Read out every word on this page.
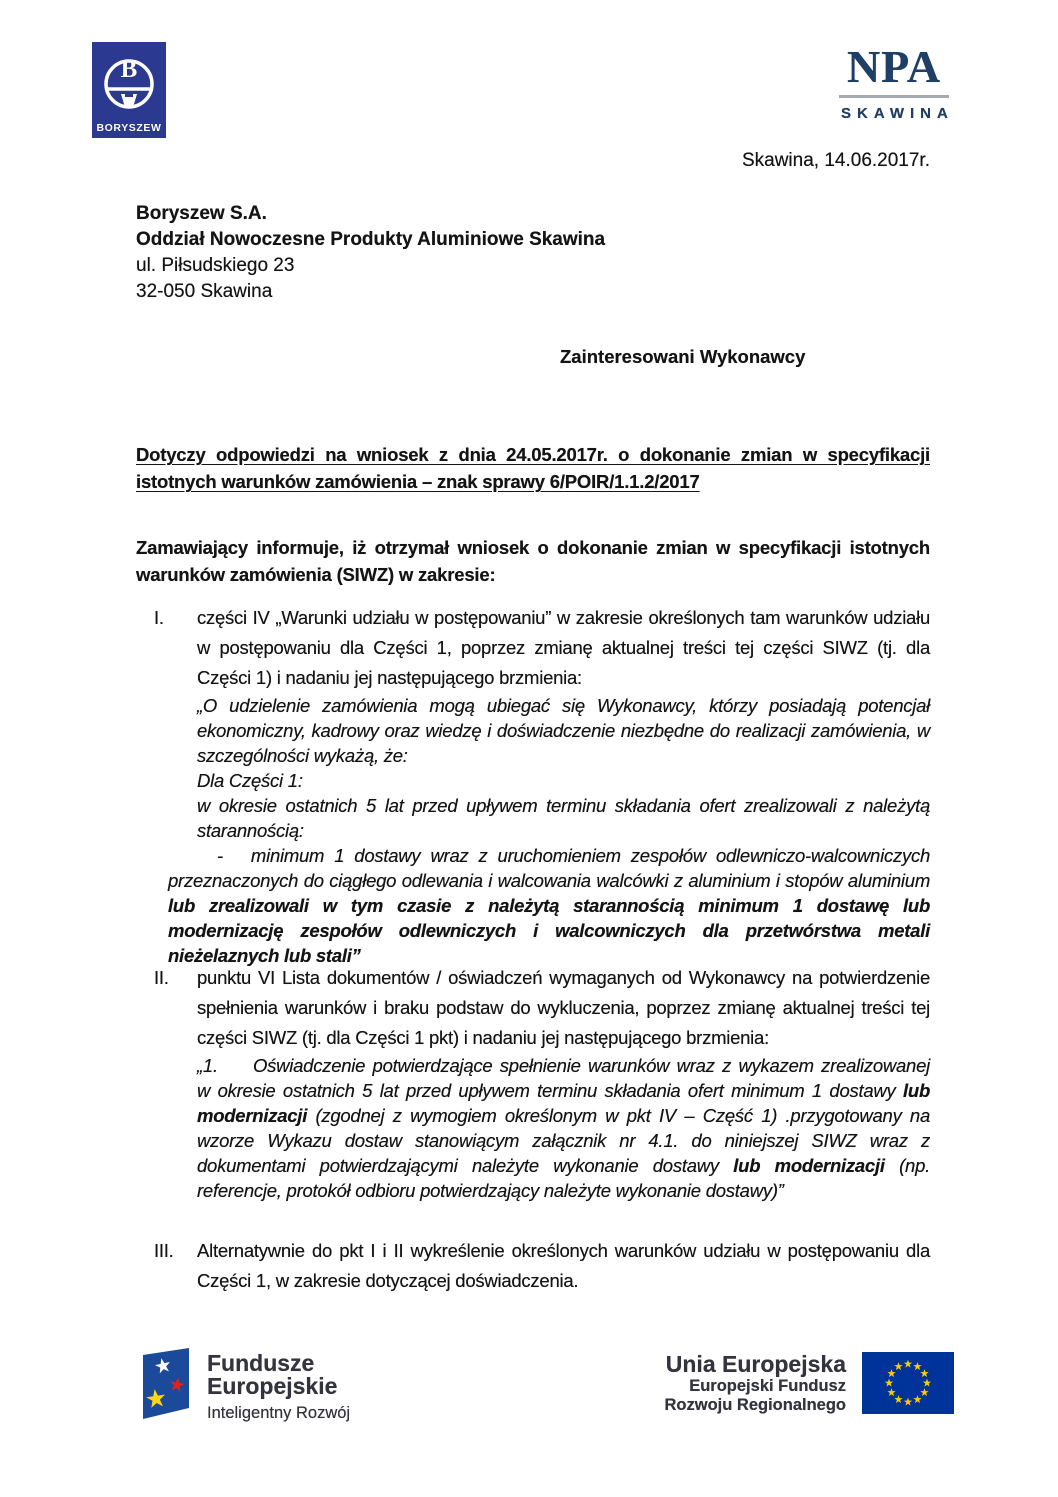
B
BORYSZEW
NPA
SKAWINA
Skawina, 14.06.2017r.
Boryszew S.A.
Oddział Nowoczesne Produkty Aluminiowe Skawina
ul. Piłsudskiego 23
32-050 Skawina
Zainteresowani Wykonawcy
Dotyczy odpowiedzi na wniosek z dnia 24.05.2017r. o dokonanie zmian w specyfikacji istotnych warunków zamówienia – znak sprawy 6/POIR/1.1.2/2017
Zamawiający informuje, iż otrzymał wniosek o dokonanie zmian w specyfikacji istotnych warunków zamówienia (SIWZ) w zakresie:
I. części IV „Warunki udziału w postępowaniu” w zakresie określonych tam warunków udziału w postępowaniu dla Części 1, poprzez zmianę aktualnej treści tej części SIWZ (tj. dla Części 1) i nadaniu jej następującego brzmienia:

„O udzielenie zamówienia mogą ubiegać się Wykonawcy, którzy posiadają potencjał ekonomiczny, kadrowy oraz wiedzę i doświadczenie niezbędne do realizacji zamówienia, w szczególności wykażą, że:

Dla Części 1:

w okresie ostatnich 5 lat przed upływem terminu składania ofert zrealizowali z należytą starannością:

- minimum 1 dostawy wraz z uruchomieniem zespołów odlewniczo-walcowniczych przeznaczonych do ciągłego odlewania i walcowania walcówki z aluminium i stopów aluminium lub zrealizowali w tym czasie z należytą starannością minimum 1 dostawę lub modernizację zespołów odlewniczych i walcowniczych dla przetwórstwa metali nieżelaznych lub stali”

II. punktu VI Lista dokumentów / oświadczeń wymaganych od Wykonawcy na potwierdzenie spełnienia warunków i braku podstaw do wykluczenia, poprzez zmianę aktualnej treści tej części SIWZ (tj. dla Części 1 pkt) i nadaniu jej następującego brzmienia:

„1. Oświadczenie potwierdzające spełnienie warunków wraz z wykazem zrealizowanej w okresie ostatnich 5 lat przed upływem terminu składania ofert minimum 1 dostawy lub modernizacji (zgodnej z wymogiem określonym w pkt IV – Część 1) .przygotowany na wzorze Wykazu dostaw stanowiącym załącznik nr 4.1. do niniejszej SIWZ wraz z dokumentami potwierdzającymi należyte wykonanie dostawy lub modernizacji (np. referencje, protokół odbioru potwierdzający należyte wykonanie dostawy)”

III. Alternatywnie do pkt I i II wykreślenie określonych warunków udziału w postępowaniu dla Części 1, w zakresie dotyczącej doświadczenia.
Fundusze
Europejskie
Inteligentny Rozwój
Unia Europejska
Europejski Fundusz
Rozwoju Regionalnego
